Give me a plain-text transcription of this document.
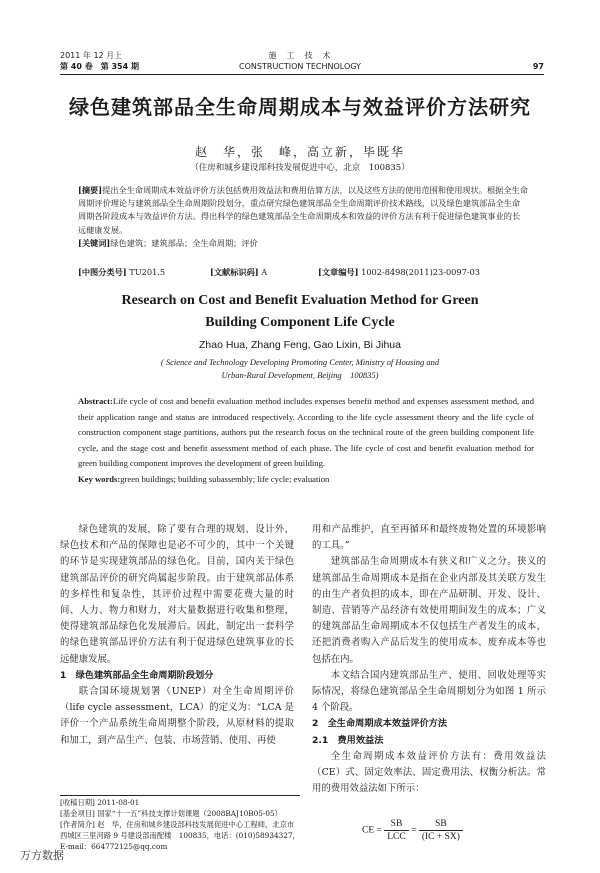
2011 年 12 月上
第 40 卷　第 354 期
施　工　技　术
CONSTRUCTION TECHNOLOGY	97
绿色建筑部品全生命周期成本与效益评价方法研究
赵　华，张　峰，高立新，毕既华
（住房和城乡建设部科技发展促进中心，北京　100835）

[摘要]提出全生命周期成本效益评价方法包括费用效益法和费用估算方法，以及这些方法的使用范围和使用现状。根据全生命周期评价理论与建筑部品全生命周期阶段划分，重点研究绿色建筑部品全生命周期评价技术路线，以及绿色建筑部品全生命周期各阶段成本与效益评价方法。得出科学的绿色建筑部品全生命周期成本和效益的评价方法有利于促进绿色建筑事业的长远健康发展。

[关键词]绿色建筑；建筑部品；全生命周期；评价

[中图分类号] TU201.5	[文献标识码] A	[文章编号] 1002-8498(2011)23-0097-03
Research on Cost and Benefit Evaluation Method for Green
Building Component Life Cycle
Zhao Hua, Zhang Feng, Gao Lixin, Bi Jihua
( Science and Technology Developing Promoting Center, Ministry of Housing and Urban-Rural Development, Beijing　100835)

Abstract:Life cycle of cost and benefit evaluation method includes expenses benefit method and expenses assessment method, and their application range and status are introduced respectively. According to the life cycle assessment theory and the life cycle of construction component stage partitions, authors put the research focus on the technical route of the green building component life cycle, and the stage cost and benefit assessment method of each phase. The life cycle of cost and benefit evaluation method for green building component improves the development of green building.

Key words:green buildings; building subassembly; life cycle; evaluation

绿色建筑的发展，除了要有合理的规划、设计外，绿色技术和产品的保障也是必不可少的，其中一个关键的环节是实现建筑部品的绿色化。目前，国内关于绿色建筑部品评价的研究尚属起步阶段。由于建筑部品体系的多样性和复杂性，其评价过程中需要花费大量的时间、人力、物力和财力，对大量数据进行收集和整理，使得建筑部品绿色化发展滞后。因此，制定出一套科学的绿色建筑部品评价方法有利于促进绿色建筑事业的长远健康发展。

1　绿色建筑部品全生命周期阶段划分

联合国环境规划署（UNEP）对全生命周期评价（life cycle assessment，LCA）的定义为：“LCA 是评价一个产品系统生命周期整个阶段，从原材料的提取和加工，到产品生产、包装、市场营销、使用、再使

用和产品维护，直至再循环和最终废物处置的环境影响的工具。”

建筑部品生命周期成本有狭义和广义之分。狭义的建筑部品生命周期成本是指在企业内部及其关联方发生的由生产者负担的成本，即在产品研制、开发、设计、制造、营销等产品经济有效使用期间发生的成本；广义的建筑部品生命周期成本不仅包括生产者发生的成本，还把消费者购入产品后发生的使用成本、废弃成本等也包括在内。

本文结合国内建筑部品生产、使用、回收处理等实际情况，将绿色建筑部品全生命周期划分为如图 1 所示 4 个阶段。

2　全生命周期成本效益评价方法

2.1　费用效益法

全生命周期成本效益评价方法有：费用效益法（CE）式、固定效率法、固定费用法、权衡分析法。常用的费用效益法如下所示：

CE = $\frac{SB}{\text{LCC}} = \frac{SB}{(IC + SX)}$

[收稿日期] 2011-08-01

[基金项目] 国家“十一五”科技支撑计划课题（2008BAJ10B05-05）

[作者简介] 赵　华，住房和城乡建设部科技发展促进中心工程师，北京市西城区三里河路 9 号建设部南配楼　100835，电话：(010)58934327，E-mail：664772125@qq.com

万方数据
